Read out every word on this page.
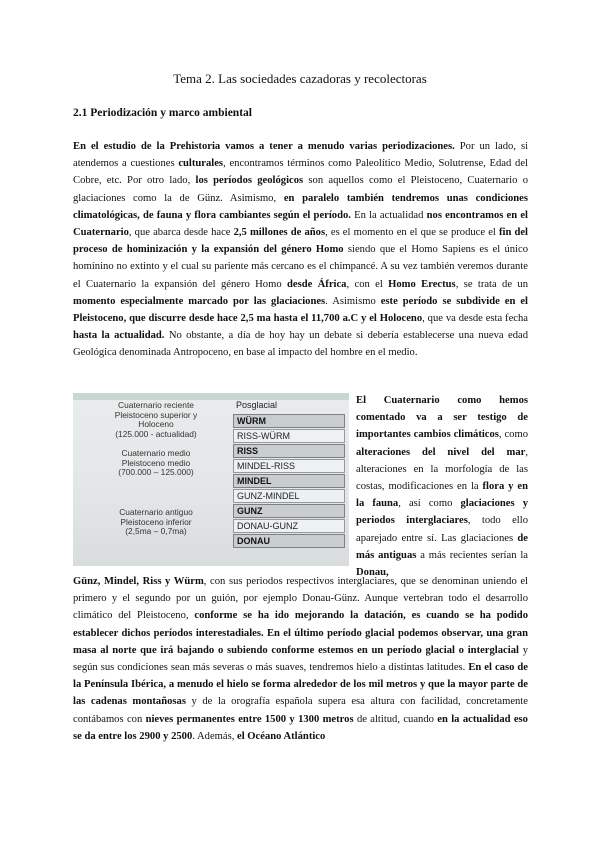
Tema 2. Las sociedades cazadoras y recolectoras
2.1 Periodización y marco ambiental

En el estudio de la Prehistoria vamos a tener a menudo varias periodizaciones. Por un lado, si atendemos a cuestiones culturales, encontramos términos como Paleolítico Medio, Solutrense, Edad del Cobre, etc. Por otro lado, los períodos geológicos son aquellos como el Pleistoceno, Cuaternario o glaciaciones como la de Günz. Asimismo, en paralelo también tendremos unas condiciones climatológicas, de fauna y flora cambiantes según el período. En la actualidad nos encontramos en el Cuaternario, que abarca desde hace 2,5 millones de años, es el momento en el que se produce el fin del proceso de hominización y la expansión del género Homo siendo que el Homo Sapiens es el único homínino no extinto y el cual su pariente más cercano es el chimpancé. A su vez también veremos durante el Cuaternario la expansión del género Homo desde África, con el Homo Erectus, se trata de un momento especialmente marcado por las glaciaciones. Asimismo este período se subdivide en el Pleistoceno, que discurre desde hace 2,5 ma hasta el 11,700 a.C y el Holoceno, que va desde esta fecha hasta la actualidad. No obstante, a día de hoy hay un debate si debería establecerse una nueva edad Geológica denominada Antropoceno, en base al impacto del hombre en el medio.

Cuaternario reciente
Pleistoceno superior y
Holoceno
(125.000 - actualidad)
Cuaternario medio
Pleistoceno medio
(700.000 – 125.000)
Cuaternario antiguo
Pleistoceno inferior
(2,5ma – 0,7ma)
Posglacial
WÜRM
RISS-WÜRM
RISS
MINDEL-RISS
MINDEL
GUNZ-MINDEL
GUNZ
DONAU-GUNZ
DONAU

El Cuaternario como hemos comentado va a ser testigo de importantes cambios climáticos, como alteraciones del nivel del mar, alteraciones en la morfología de las costas, modificaciones en la flora y en la fauna, así como glaciaciones y periodos interglaciares, todo ello aparejado entre sí. Las glaciaciones de más antiguas a más recientes serían la Donau,

Günz, Mindel, Riss y Würm, con sus periodos respectivos interglaciares, que se denominan uniendo el primero y el segundo por un guión, por ejemplo Donau-Günz. Aunque vertebran todo el desarrollo climático del Pleistoceno, conforme se ha ido mejorando la datación, es cuando se ha podido establecer dichos períodos interestadiales. En el último período glacial podemos observar, una gran masa al norte que irá bajando o subiendo conforme estemos en un período glacial o interglacial y según sus condiciones sean más severas o más suaves, tendremos hielo a distintas latitudes. En el caso de la Península Ibérica, a menudo el hielo se forma alrededor de los mil metros y que la mayor parte de las cadenas montañosas y de la orografía española supera esa altura con facilidad, concretamente contábamos con nieves permanentes entre 1500 y 1300 metros de altitud, cuando en la actualidad eso se da entre los 2900 y 2500. Además, el Océano Atlántico
